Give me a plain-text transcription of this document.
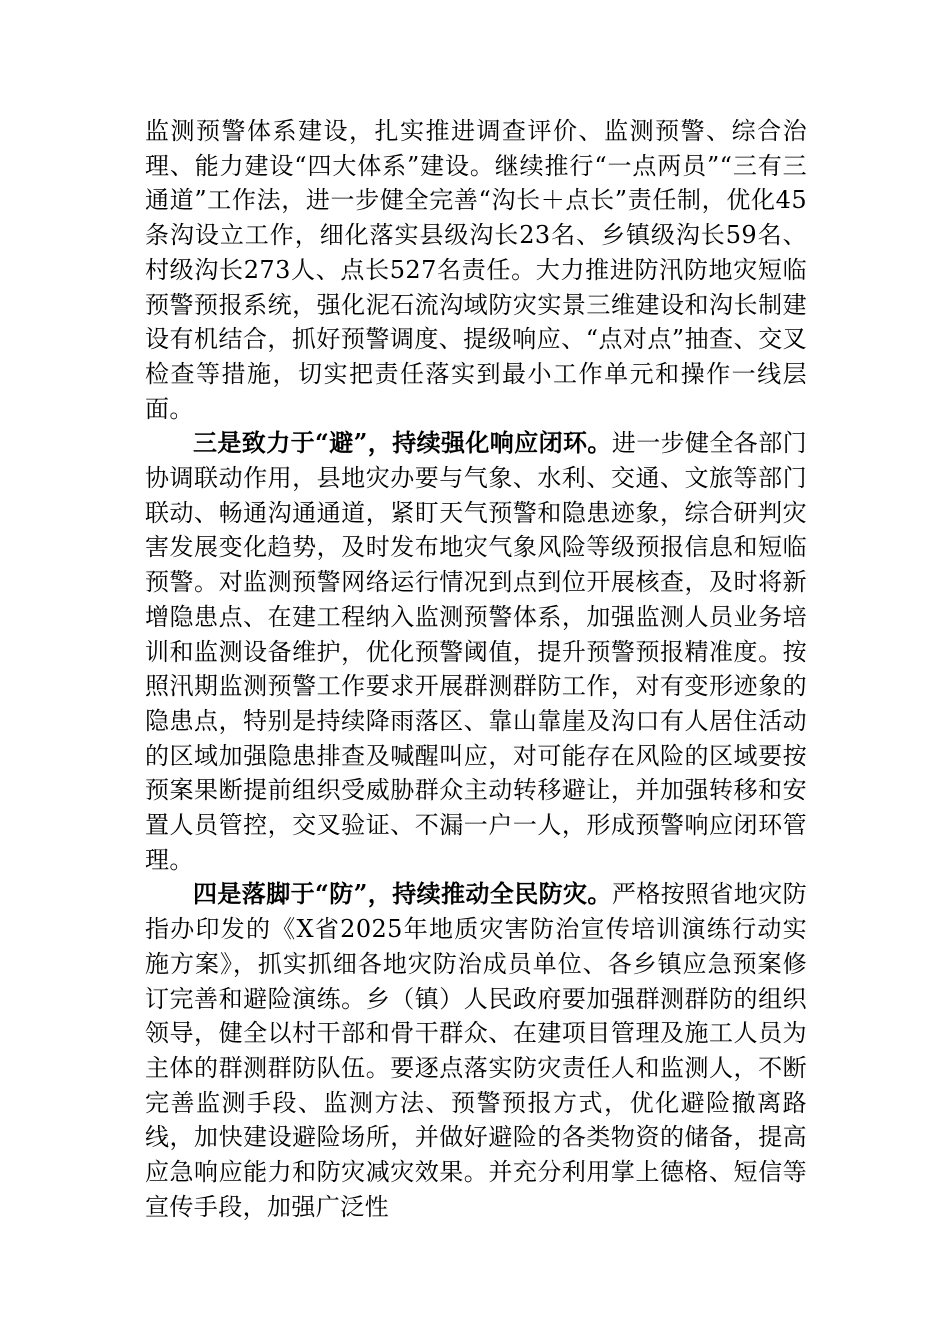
监测预警体系建设，扎实推进调查评价、监测预警、综合治理、能力建设“四大体系”建设。继续推行“一点两员”“三有三通道”工作法，进一步健全完善“沟长＋点长”责任制，优化45条沟设立工作，细化落实县级沟长23名、乡镇级沟长59名、村级沟长273人、点长527名责任。大力推进防汛防地灾短临预警预报系统，强化泥石流沟域防灾实景三维建设和沟长制建设有机结合，抓好预警调度、提级响应、“点对点”抽查、交叉检查等措施，切实把责任落实到最小工作单元和操作一线层面。

三是致力于“避”，持续强化响应闭环。进一步健全各部门协调联动作用，县地灾办要与气象、水利、交通、文旅等部门联动、畅通沟通通道，紧盯天气预警和隐患迹象，综合研判灾害发展变化趋势，及时发布地灾气象风险等级预报信息和短临预警。对监测预警网络运行情况到点到位开展核查，及时将新增隐患点、在建工程纳入监测预警体系，加强监测人员业务培训和监测设备维护，优化预警阈值，提升预警预报精准度。按照汛期监测预警工作要求开展群测群防工作，对有变形迹象的隐患点，特别是持续降雨落区、靠山靠崖及沟口有人居住活动的区域加强隐患排查及喊醒叫应，对可能存在风险的区域要按预案果断提前组织受威胁群众主动转移避让，并加强转移和安置人员管控，交叉验证、不漏一户一人，形成预警响应闭环管理。

四是落脚于“防”，持续推动全民防灾。严格按照省地灾防指办印发的《X省2025年地质灾害防治宣传培训演练行动实施方案》，抓实抓细各地灾防治成员单位、各乡镇应急预案修订完善和避险演练。乡（镇）人民政府要加强群测群防的组织领导，健全以村干部和骨干群众、在建项目管理及施工人员为主体的群测群防队伍。要逐点落实防灾责任人和监测人，不断完善监测手段、监测方法、预警预报方式，优化避险撤离路线，加快建设避险场所，并做好避险的各类物资的储备，提高应急响应能力和防灾减灾效果。并充分利用掌上德格、短信等宣传手段，加强广泛性
